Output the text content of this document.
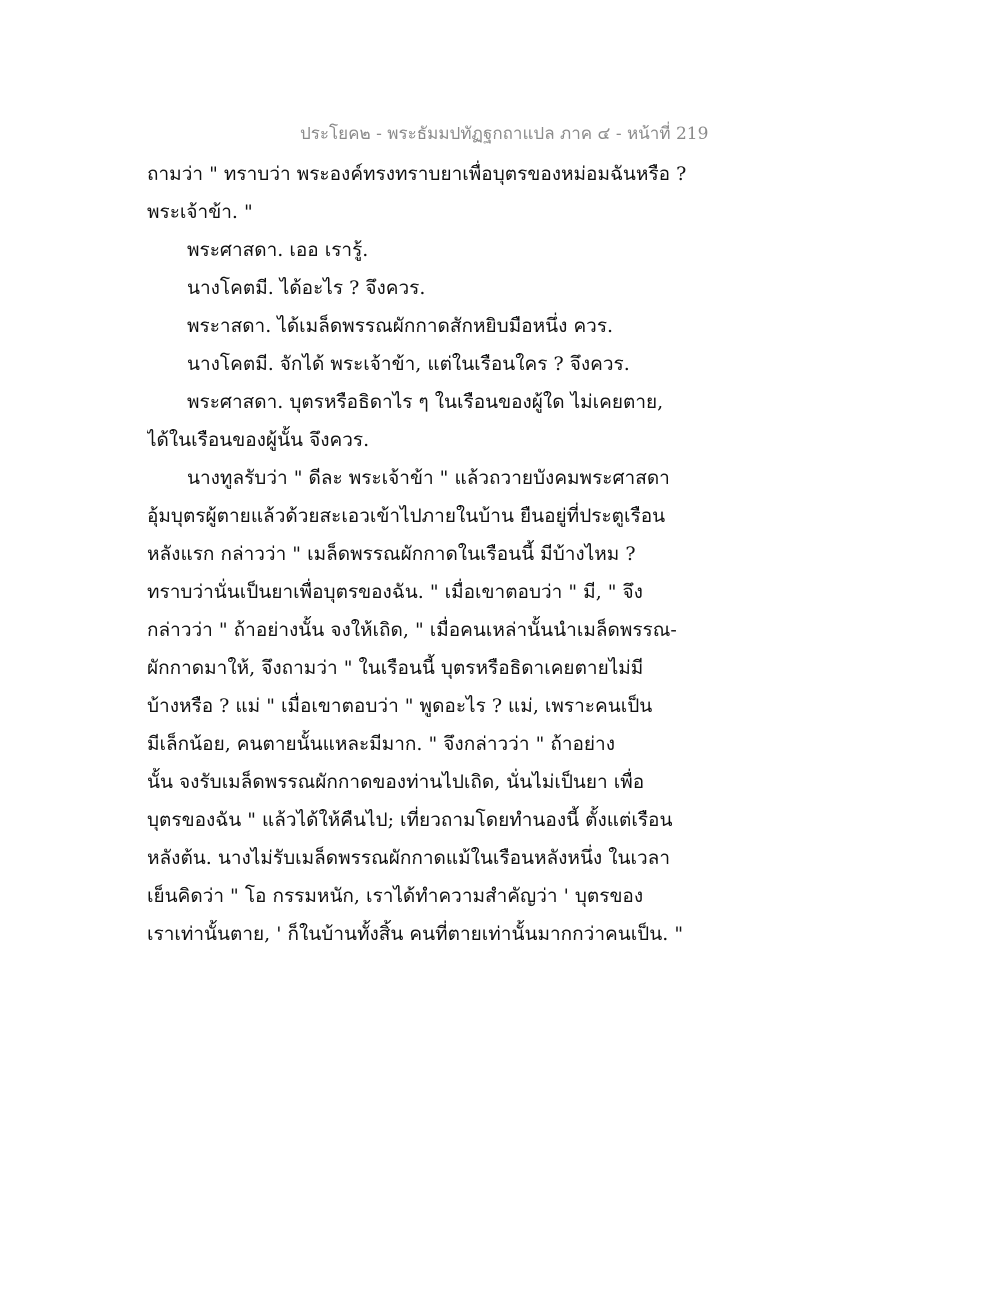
ประโยค๒ - พระธัมมปทัฏฐกถาแปล ภาค ๔ - หน้าที่ 219
ถามว่า " ทราบว่า พระองค์ทรงทราบยาเพื่อบุตรของหม่อมฉันหรือ ?
พระเจ้าข้า. "
พระศาสดา. เออ เรารู้.
นางโคตมี. ได้อะไร ? จึงควร.
พระาสดา. ได้เมล็ดพรรณผักกาดสักหยิบมือหนึ่ง ควร.
นางโคตมี. จักได้ พระเจ้าข้า, แต่ในเรือนใคร ? จึงควร.
พระศาสดา. บุตรหรือธิดาไร ๆ ในเรือนของผู้ใด ไม่เคยตาย,
ได้ในเรือนของผู้นั้น จึงควร.
นางทูลรับว่า " ดีละ พระเจ้าข้า " แล้วถวายบังคมพระศาสดา
อุ้มบุตรผู้ตายแล้วด้วยสะเอวเข้าไปภายในบ้าน ยืนอยู่ที่ประตูเรือน
หลังแรก กล่าวว่า " เมล็ดพรรณผักกาดในเรือนนี้ มีบ้างไหม ?
ทราบว่านั่นเป็นยาเพื่อบุตรของฉัน. " เมื่อเขาตอบว่า " มี, " จึง
กล่าวว่า " ถ้าอย่างนั้น จงให้เถิด, " เมื่อคนเหล่านั้นนำเมล็ดพรรณ-
ผักกาดมาให้, จึงถามว่า " ในเรือนนี้ บุตรหรือธิดาเคยตายไม่มี
บ้างหรือ ? แม่ " เมื่อเขาตอบว่า " พูดอะไร ? แม่, เพราะคนเป็น
มีเล็กน้อย, คนตายนั้นแหละมีมาก. " จึงกล่าวว่า " ถ้าอย่าง
นั้น จงรับเมล็ดพรรณผักกาดของท่านไปเถิด, นั่นไม่เป็นยา เพื่อ
บุตรของฉัน " แล้วได้ให้คืนไป; เที่ยวถามโดยทำนองนี้ ตั้งแต่เรือน
หลังต้น. นางไม่รับเมล็ดพรรณผักกาดแม้ในเรือนหลังหนึ่ง ในเวลา
เย็นคิดว่า " โอ กรรมหนัก, เราได้ทำความสำคัญว่า ' บุตรของ
เราเท่านั้นตาย, ' ก็ในบ้านทั้งสิ้น คนที่ตายเท่านั้นมากกว่าคนเป็น. "
